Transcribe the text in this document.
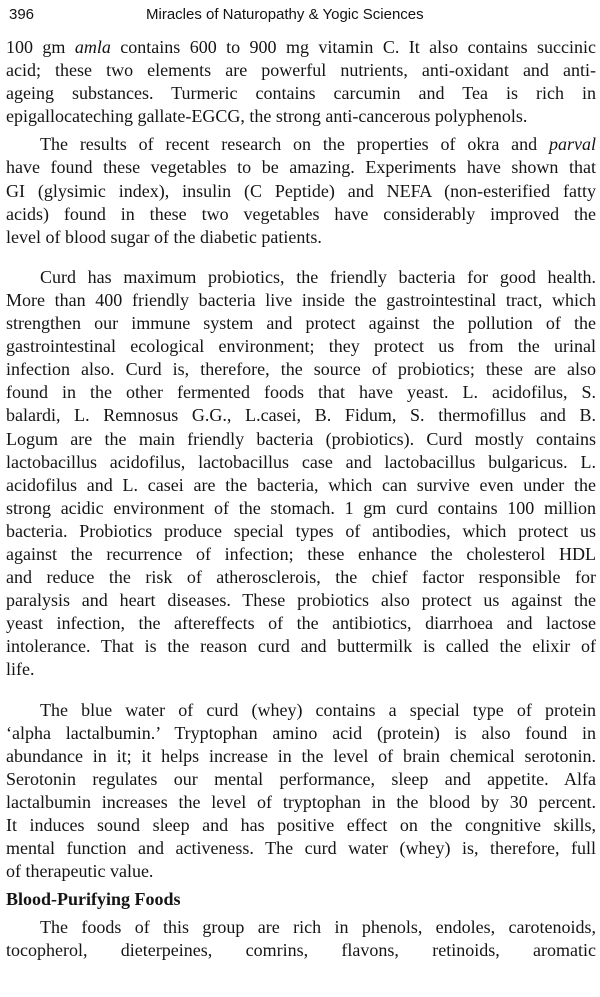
396	Miracles of Naturopathy & Yogic Sciences
100 gm amla contains 600 to 900 mg vitamin C. It also contains succinic
acid; these two elements are powerful nutrients, anti-oxidant and anti-
ageing substances. Turmeric contains carcumin and Tea is rich in
epigallocateching gallate-EGCG, the strong anti-cancerous polyphenols.
The results of recent research on the properties of okra and parval
have found these vegetables to be amazing. Experiments have shown that
GI (glysimic index), insulin (C Peptide) and NEFA (non-esterified fatty
acids) found in these two vegetables have considerably improved the
level of blood sugar of the diabetic patients.
Curd has maximum probiotics, the friendly bacteria for good health.
More than 400 friendly bacteria live inside the gastrointestinal tract, which
strengthen our immune system and protect against the pollution of the
gastrointestinal ecological environment; they protect us from the urinal
infection also. Curd is, therefore, the source of probiotics; these are also
found in the other fermented foods that have yeast. L. acidofilus, S.
balardi, L. Remnosus G.G., L.casei, B. Fidum, S. thermofillus and B.
Logum are the main friendly bacteria (probiotics). Curd mostly contains
lactobacillus acidofilus, lactobacillus case and lactobacillus bulgaricus. L.
acidofilus and L. casei are the bacteria, which can survive even under the
strong acidic environment of the stomach. 1 gm curd contains 100 million
bacteria. Probiotics produce special types of antibodies, which protect us
against the recurrence of infection; these enhance the cholesterol HDL
and reduce the risk of atherosclerois, the chief factor responsible for
paralysis and heart diseases. These probiotics also protect us against the
yeast infection, the aftereffects of the antibiotics, diarrhoea and lactose
intolerance. That is the reason curd and buttermilk is called the elixir of
life.
The blue water of curd (whey) contains a special type of protein
‘alpha lactalbumin.’ Tryptophan amino acid (protein) is also found in
abundance in it; it helps increase in the level of brain chemical serotonin.
Serotonin regulates our mental performance, sleep and appetite. Alfa
lactalbumin increases the level of tryptophan in the blood by 30 percent.
It induces sound sleep and has positive effect on the congnitive skills,
mental function and activeness. The curd water (whey) is, therefore, full
of therapeutic value.
Blood-Purifying Foods
The foods of this group are rich in phenols, endoles, carotenoids,
tocopherol, dieterpeines, comrins, flavons, retinoids, aromatic
